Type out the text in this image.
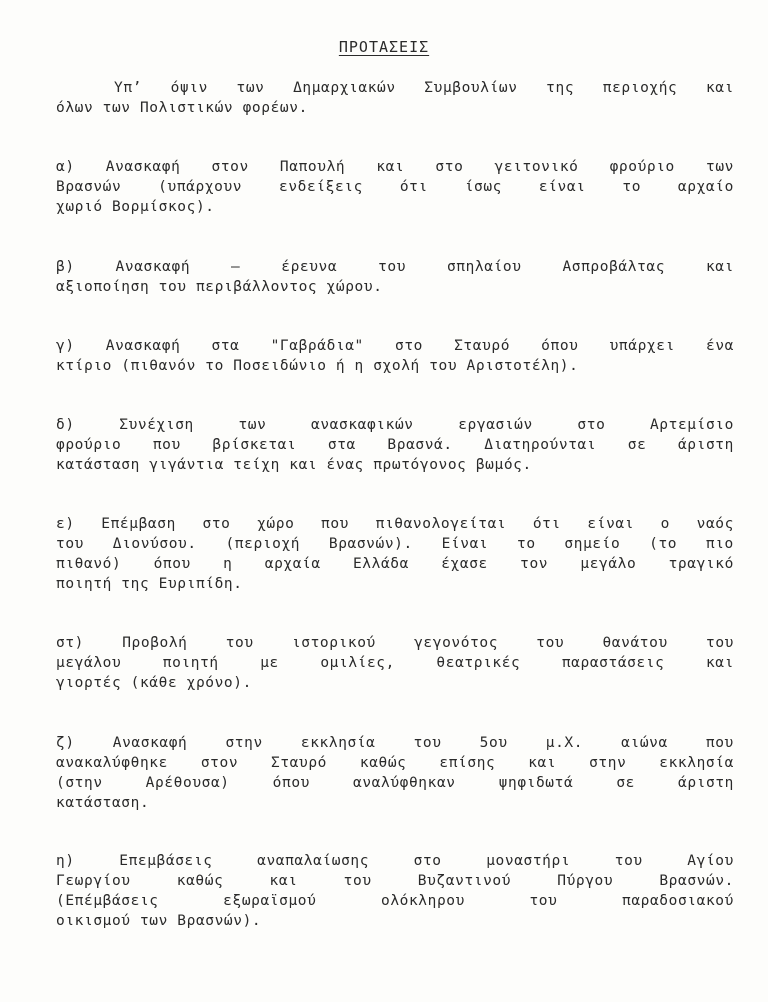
ΠΡΟΤΑΣΕΙΣ
Υπ’ όψιν των Δημαρχιακών Συμβουλίων της περιοχής και
όλων των Πολιστικών φορέων.
α) Ανασκαφή στον Παπουλή και στο γειτονικό φρούριο των
Βρασνών	(υπάρχουν	ενδείξεις	ότι	ίσως	είναι	το	αρχαίο
χωριό Βορμίσκος).
β)	Ανασκαφή	–	έρευνα	του	σπηλαίου	Ασπροβάλτας	και
αξιοποίηση του περιβάλλοντος χώρου.
γ) Ανασκαφή στα "Γαβράδια" στο Σταυρό όπου υπάρχει ένα
κτίριο (πιθανόν το Ποσειδώνιο ή η σχολή του Αριστοτέλη).
δ)	Συνέχιση	των	ανασκαφικών	εργασιών	στο	Αρτεμίσιο
φρούριο που βρίσκεται στα Βρασνά. Διατηρούνται σε άριστη
κατάσταση γιγάντια τείχη και ένας πρωτόγονος βωμός.
ε) Επέμβαση στο χώρο που πιθανολογείται ότι είναι ο ναός
του Διονύσου. (περιοχή Βρασνών). Είναι το σημείο (το πιο
πιθανό) όπου η αρχαία Ελλάδα έχασε τον μεγάλο τραγικό
ποιητή της Ευριπίδη.
στ)	Προβολή	του	ιστορικού	γεγονότος	του	θανάτου	του
μεγάλου	ποιητή	με	ομιλίες,	θεατρικές	παραστάσεις	και
γιορτές (κάθε χρόνο).
ζ)	Ανασκαφή	στην	εκκλησία	του	5ου	μ.Χ.	αιώνα	που
ανακαλύφθηκε στον Σταυρό καθώς επίσης και στην εκκλησία
(στην	Αρέθουσα)	όπου	αναλύφθηκαν	ψηφιδωτά	σε	άριστη
κατάσταση.
η)	Επεμβάσεις	αναπαλαίωσης	στο	μοναστήρι	του	Αγίου
Γεωργίου	καθώς	και	του	Βυζαντινού	Πύργου	Βρασνών.
(Επέμβάσεις	εξωραϊσμού	ολόκληρου	του	παραδοσιακού
οικισμού των Βρασνών).
